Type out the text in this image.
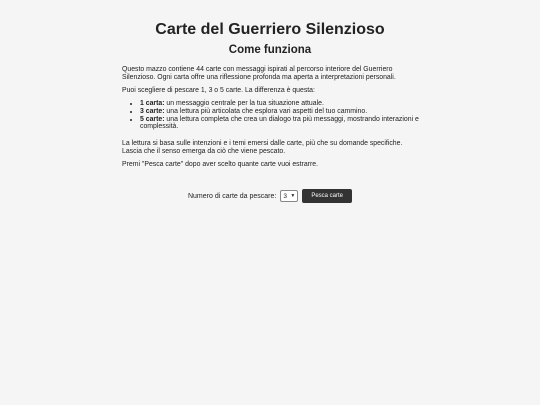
Carte del Guerriero Silenzioso
Come funziona
Questo mazzo contiene 44 carte con messaggi ispirati al percorso interiore del Guerriero Silenzioso. Ogni carta offre una riflessione profonda ma aperta a interpretazioni personali.
Puoi scegliere di pescare 1, 3 o 5 carte. La differenza è questa:
• 1 carta: un messaggio centrale per la tua situazione attuale.
• 3 carte: una lettura più articolata che esplora vari aspetti del tuo cammino.
• 5 carte: una lettura completa che crea un dialogo tra più messaggi, mostrando interazioni e complessità.
La lettura si basa sulle intenzioni e i temi emersi dalle carte, più che su domande specifiche. Lascia che il senso emerga da ciò che viene pescato.
Premi "Pesca carte" dopo aver scelto quante carte vuoi estrarre.
Numero di carte da pescare: 3 ▼	Pesca carte
